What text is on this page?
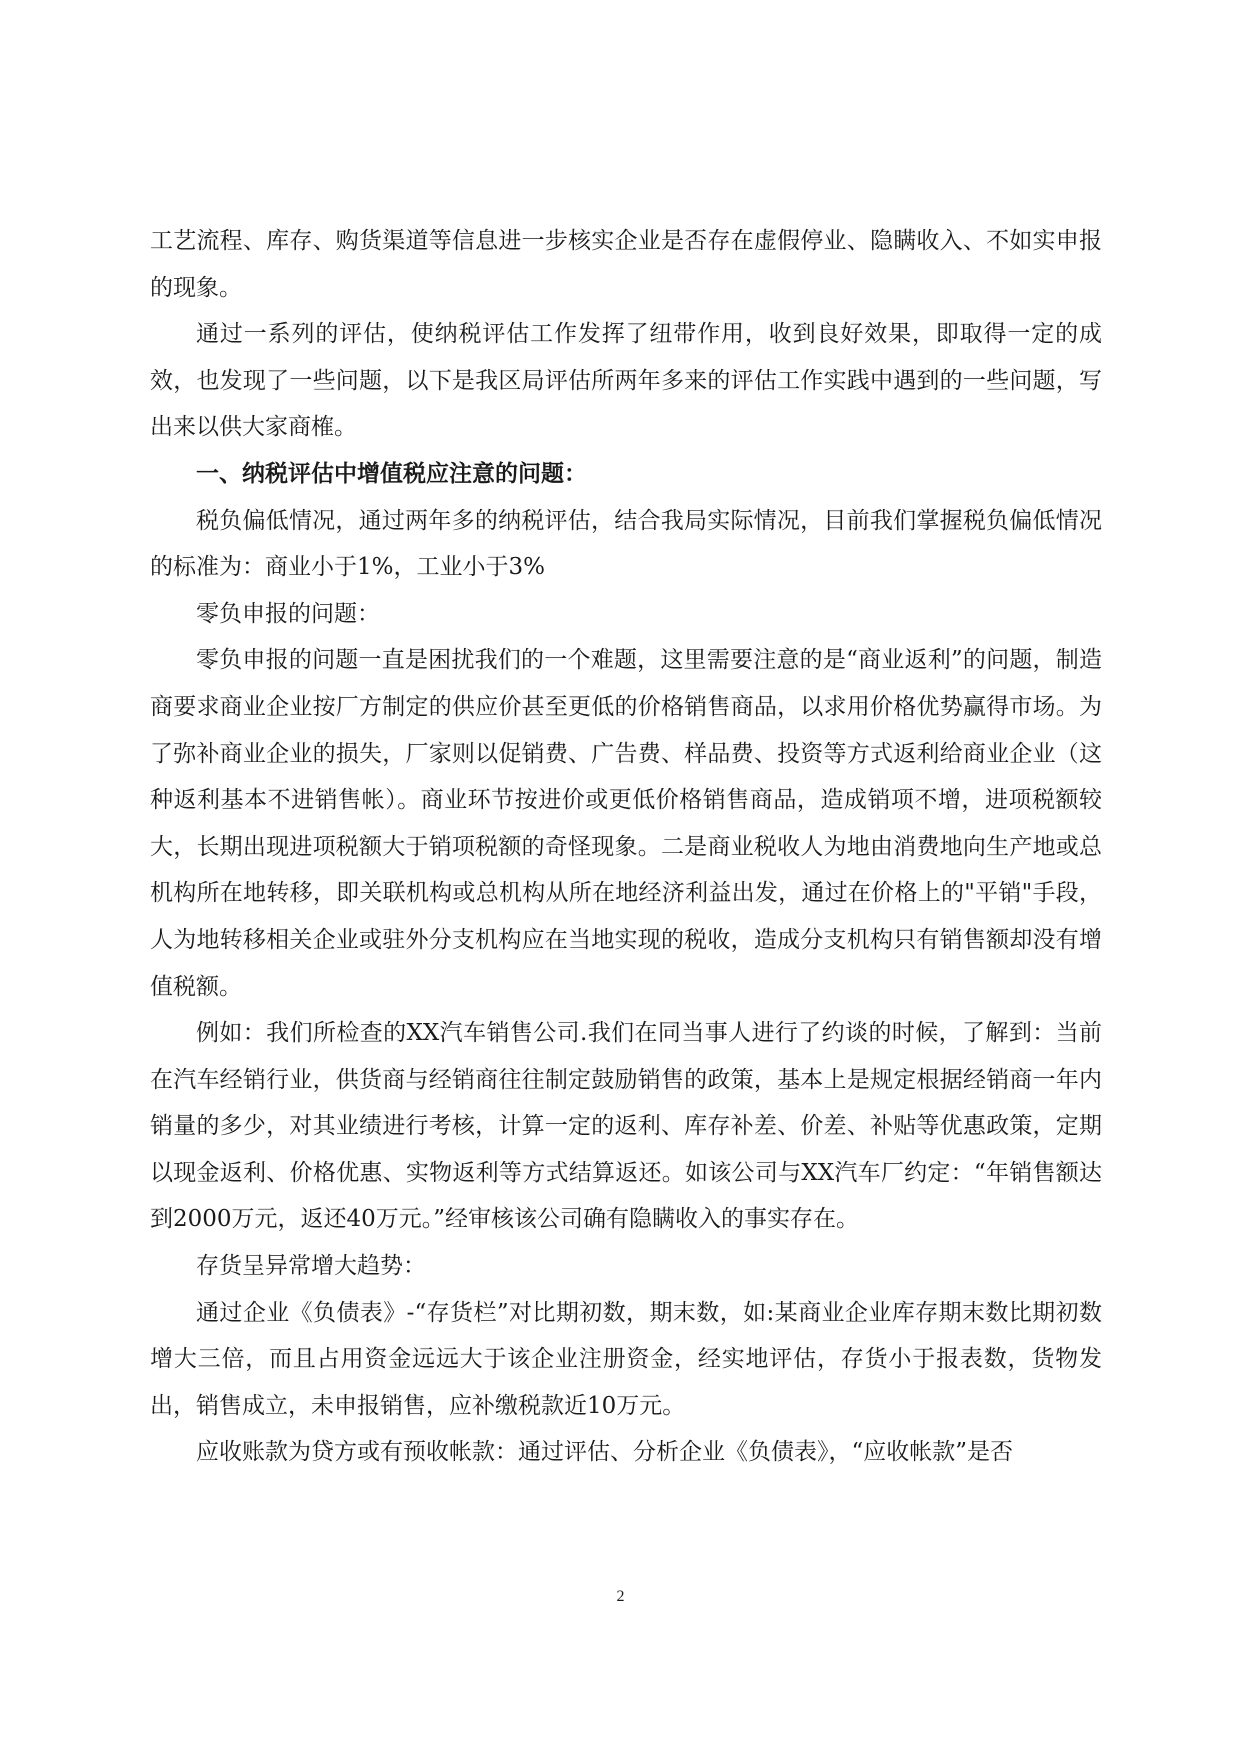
工艺流程、库存、购货渠道等信息进一步核实企业是否存在虚假停业、隐瞒收入、不如实申报的现象。

通过一系列的评估，使纳税评估工作发挥了纽带作用，收到良好效果，即取得一定的成效，也发现了一些问题，以下是我区局评估所两年多来的评估工作实践中遇到的一些问题，写出来以供大家商榷。

一、纳税评估中增值税应注意的问题：

税负偏低情况，通过两年多的纳税评估，结合我局实际情况，目前我们掌握税负偏低情况的标准为：商业小于1%，工业小于3%

零负申报的问题：

零负申报的问题一直是困扰我们的一个难题，这里需要注意的是“商业返利”的问题，制造商要求商业企业按厂方制定的供应价甚至更低的价格销售商品，以求用价格优势赢得市场。为了弥补商业企业的损失，厂家则以促销费、广告费、样品费、投资等方式返利给商业企业（这种返利基本不进销售帐）。商业环节按进价或更低价格销售商品，造成销项不增，进项税额较大，长期出现进项税额大于销项税额的奇怪现象。二是商业税收人为地由消费地向生产地或总机构所在地转移，即关联机构或总机构从所在地经济利益出发，通过在价格上的"平销"手段，人为地转移相关企业或驻外分支机构应在当地实现的税收，造成分支机构只有销售额却没有增值税额。

例如：我们所检查的XX汽车销售公司.我们在同当事人进行了约谈的时候，了解到：当前在汽车经销行业，供货商与经销商往往制定鼓励销售的政策，基本上是规定根据经销商一年内销量的多少，对其业绩进行考核，计算一定的返利、库存补差、价差、补贴等优惠政策，定期以现金返利、价格优惠、实物返利等方式结算返还。如该公司与XX汽车厂约定：“年销售额达到2000万元，返还40万元。”经审核该公司确有隐瞒收入的事实存在。

存货呈异常增大趋势：

通过企业《负债表》-“存货栏”对比期初数，期末数，如:某商业企业库存期末数比期初数增大三倍，而且占用资金远远大于该企业注册资金，经实地评估，存货小于报表数，货物发出，销售成立，未申报销售，应补缴税款近10万元。

应收账款为贷方或有预收帐款：通过评估、分析企业《负债表》，“应收帐款”是否

2
